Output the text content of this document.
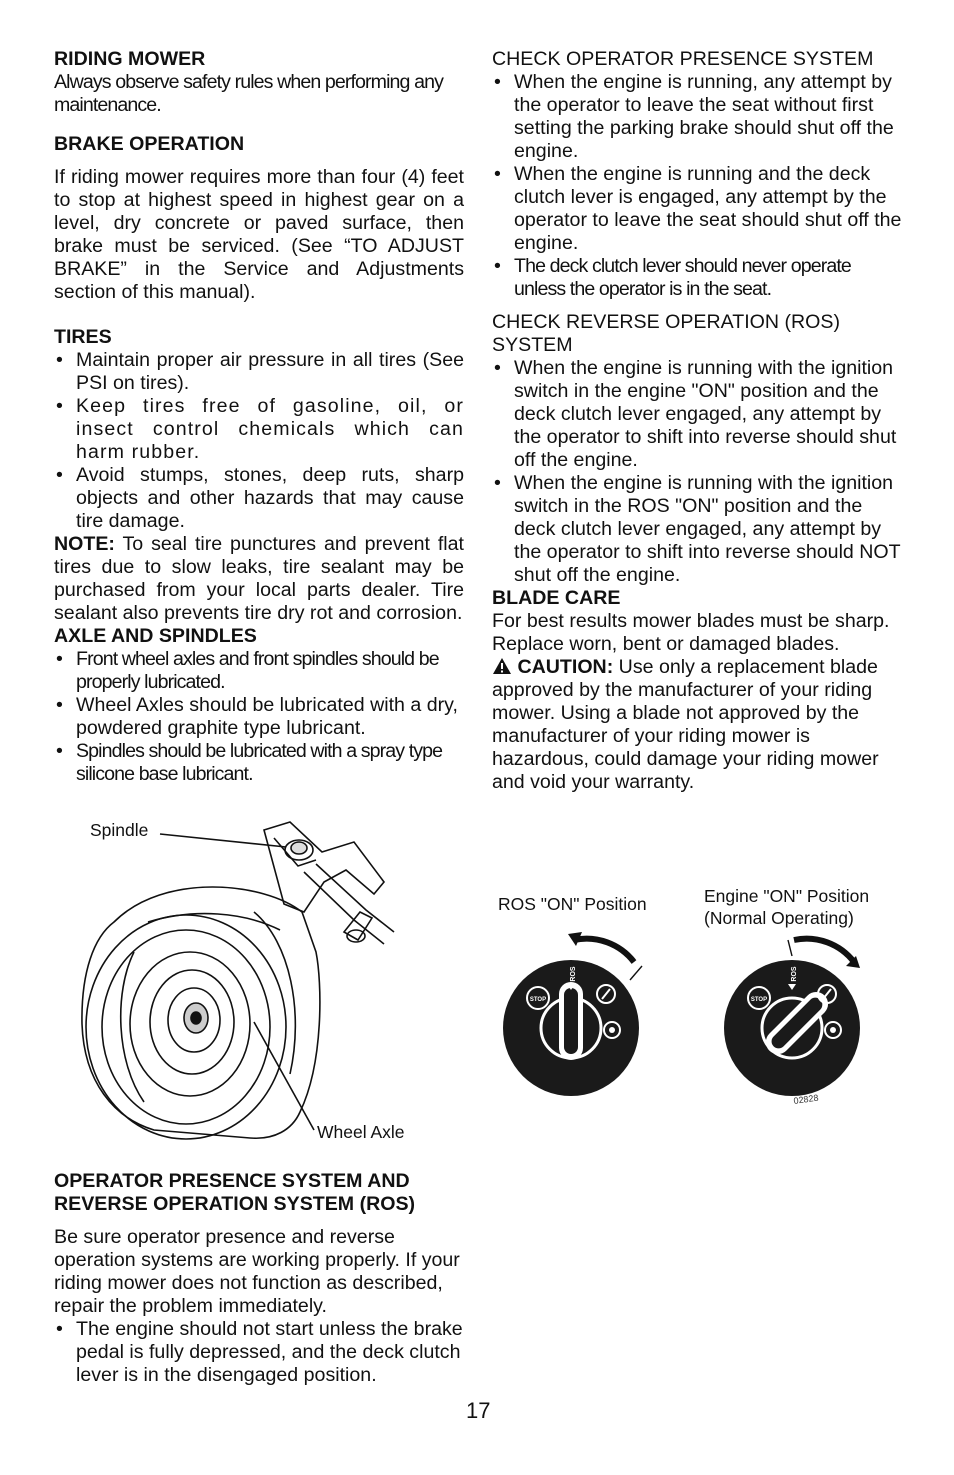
RIDING MOWER

Always observe safety rules when performing any maintenance.

BRAKE OPERATION

If riding mower requires more than four (4) feet to stop at highest speed in highest gear on a level, dry concrete or paved surface, then brake must be serviced. (See “TO ADJUST BRAKE” in the Service and Adjustments section of this manual).

TIRES

• Maintain proper air pressure in all tires (See PSI on tires).
• Keep tires free of gasoline, oil, or insect control chemicals which can harm rubber.
• Avoid stumps, stones, deep ruts, sharp objects and other hazards that may cause tire damage.

NOTE: To seal tire punctures and prevent flat tires due to slow leaks, tire sealant may be purchased from your local parts dealer. Tire sealant also prevents tire dry rot and corrosion.

AXLE AND SPINDLES

• Front wheel axles and front spindles should be properly lubricated.
• Wheel Axles should be lubricated with a dry, powdered graphite type lubricant.
• Spindles should be lubricated with a spray type silicone base lubricant.
Spindle
Wheel Axle

OPERATOR PRESENCE SYSTEM AND

REVERSE OPERATION SYSTEM (ROS)

Be sure operator presence and reverse operation systems are working properly. If your riding mower does not function as described, repair the problem immediately.

• The engine should not start unless the brake pedal is fully depressed, and the deck clutch lever is in the disengaged position.

CHECK OPERATOR PRESENCE SYSTEM

• When the engine is running, any attempt by the operator to leave the seat without first setting the parking brake should shut off the engine.
• When the engine is running and the deck clutch lever is engaged, any attempt by the operator to leave the seat should shut off the engine.
• The deck clutch lever should never operate unless the operator is in the seat.

CHECK REVERSE OPERATION (ROS) SYSTEM

• When the engine is running with the ignition switch in the engine "ON" position and the deck clutch lever engaged, any attempt by the operator to shift into reverse should shut off the engine.
• When the engine is running with the ignition switch in the ROS "ON" position and the deck clutch lever engaged, any attempt by the operator to shift into reverse should NOT shut off the engine.

BLADE CARE

For best results mower blades must be sharp. Replace worn, bent or damaged blades.

CAUTION: Use only a replacement blade approved by the manufacturer of your riding mower. Using a blade not approved by the manufacturer of your riding mower is hazardous, could damage your riding mower and void your warranty.

ROS "ON" Position	Engine "ON" Position
(Normal Operating)
STOP
ROS
STOP
ROS
02828
17
